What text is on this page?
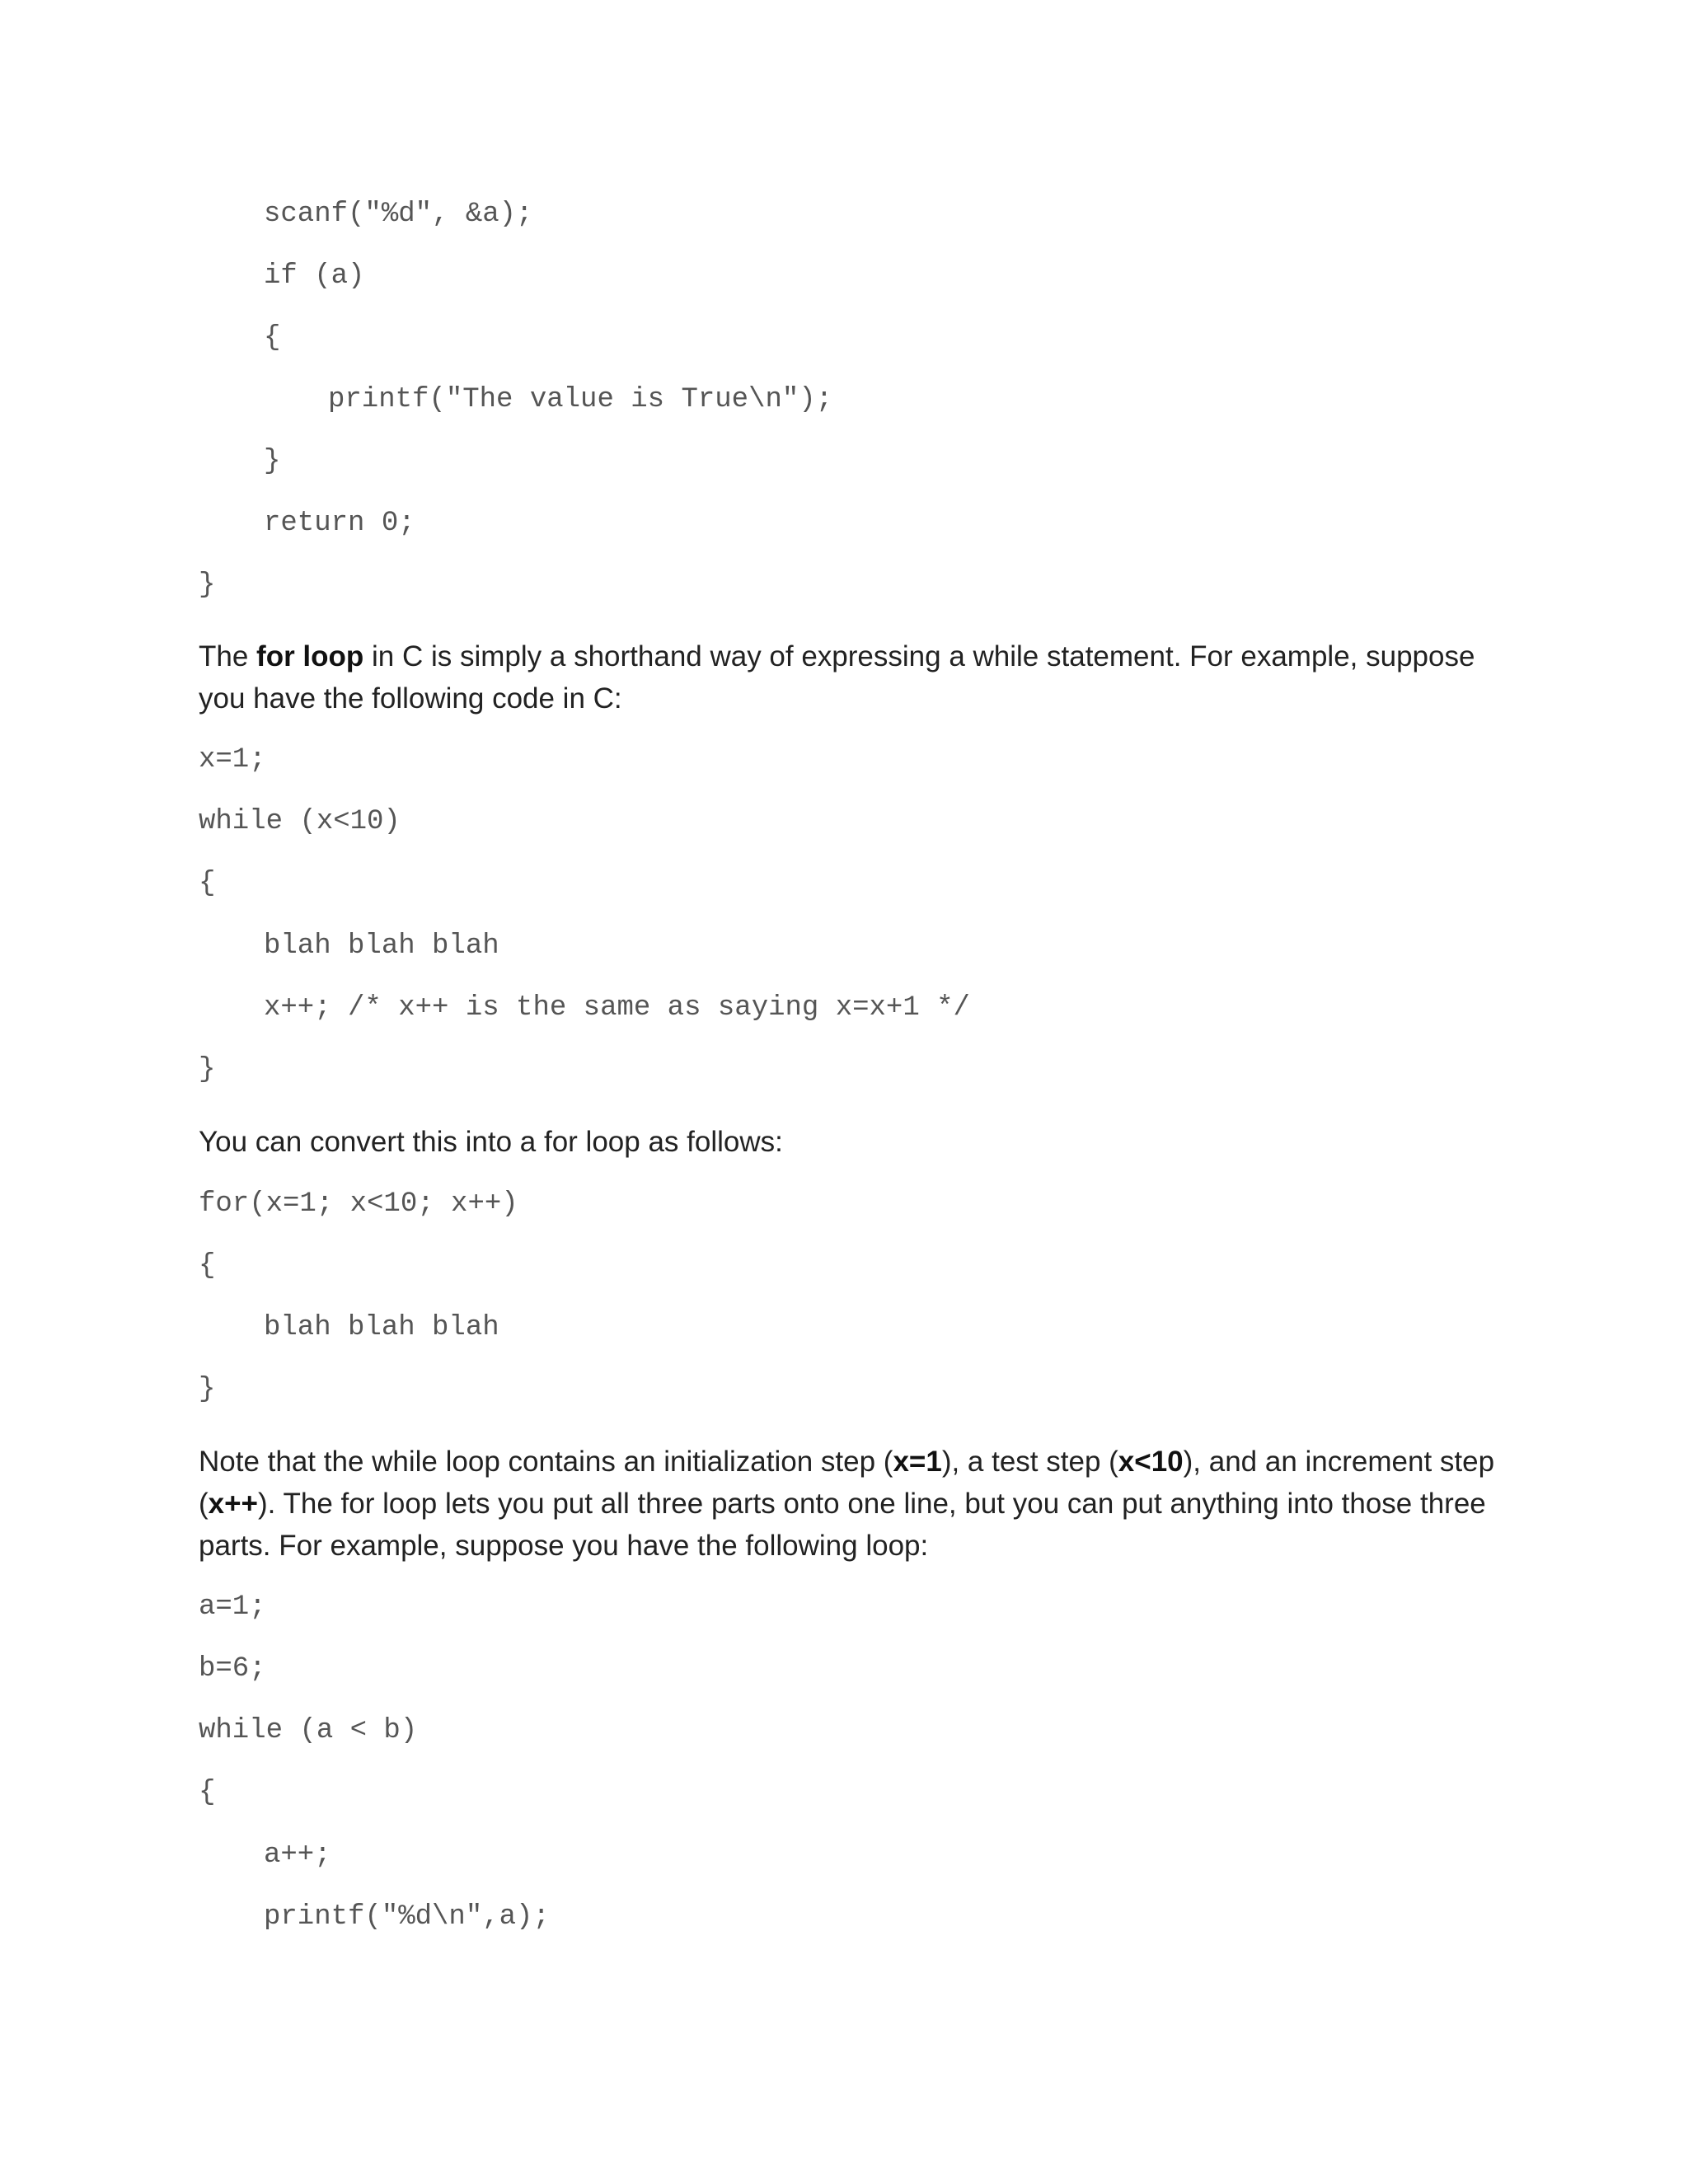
scanf("%d", &a);
if (a)
{
printf("The value is True\n");
}
return 0;
}

The for loop in C is simply a shorthand way of expressing a while statement. For example, suppose you have the following code in C:

x=1;
while (x<10)
{
blah blah blah
x++; /* x++ is the same as saying x=x+1 */
}

You can convert this into a for loop as follows:

for(x=1; x<10; x++)
{
blah blah blah
}

Note that the while loop contains an initialization step (x=1), a test step (x<10), and an increment step (x++). The for loop lets you put all three parts onto one line, but you can put anything into those three parts. For example, suppose you have the following loop:

a=1;
b=6;
while (a < b)
{
a++;
printf("%d\n",a);
